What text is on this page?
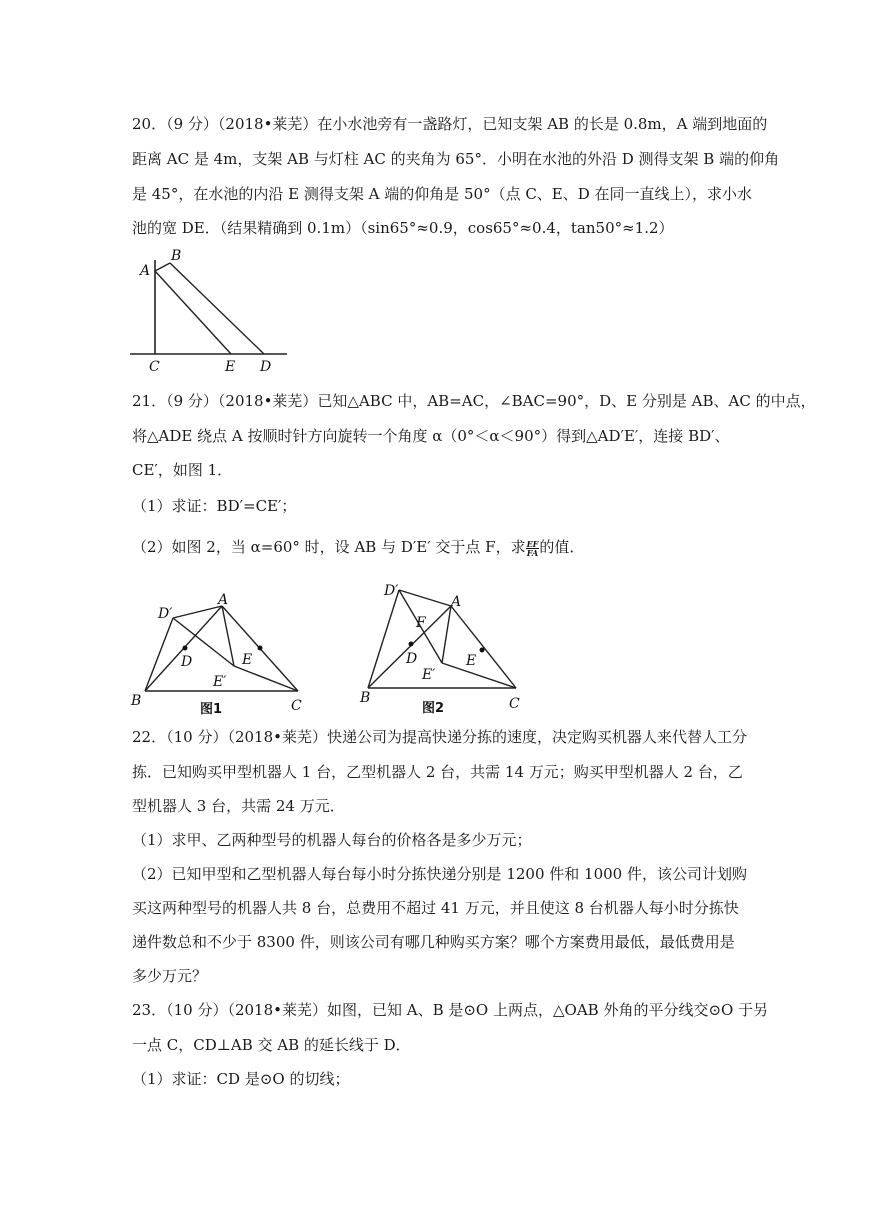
20．（9 分）（2018•莱芜）在小水池旁有一盏路灯，已知支架 AB 的长是 0.8m，A 端到地面的
距离 AC 是 4m，支架 AB 与灯柱 AC 的夹角为 65°．小明在水池的外沿 D 测得支架 B 端的仰角
是 45°，在水池的内沿 E 测得支架 A 端的仰角是 50°（点 C、E、D 在同一直线上），求小水
池的宽 DE．（结果精确到 0.1m）（sin65°≈0.9，cos65°≈0.4，tan50°≈1.2）
A
B
C	E D
21．（9 分）（2018•莱芜）已知△ABC 中，AB=AC，∠BAC=90°，D、E 分别是 AB、AC 的中点，
将△ADE 绕点 A 按顺时针方向旋转一个角度 α（0°＜α＜90°）得到△AD′E′，连接 BD′、
CE′，如图 1．
（1）求证：BD′=CE′；
（2）如图 2，当 α=60° 时，设 AB 与 D′E′ 交于点 F，求 $\frac{EF}{FA}$ 的值．
D′
A
D	E
E′
B	C
图1
D′
A
F
D	E
E′
B	C
图2
22．（10 分）（2018•莱芜）快递公司为提高快递分拣的速度，决定购买机器人来代替人工分
拣．已知购买甲型机器人 1 台，乙型机器人 2 台，共需 14 万元；购买甲型机器人 2 台，乙
型机器人 3 台，共需 24 万元．
（1）求甲、乙两种型号的机器人每台的价格各是多少万元；
（2）已知甲型和乙型机器人每台每小时分拣快递分别是 1200 件和 1000 件，该公司计划购
买这两种型号的机器人共 8 台，总费用不超过 41 万元，并且使这 8 台机器人每小时分拣快
递件数总和不少于 8300 件，则该公司有哪几种购买方案？哪个方案费用最低，最低费用是
多少万元？
23．（10 分）（2018•莱芜）如图，已知 A、B 是⊙O 上两点，△OAB 外角的平分线交⊙O 于另
一点 C，CD⊥AB 交 AB 的延长线于 D．
（1）求证：CD 是⊙O 的切线；
